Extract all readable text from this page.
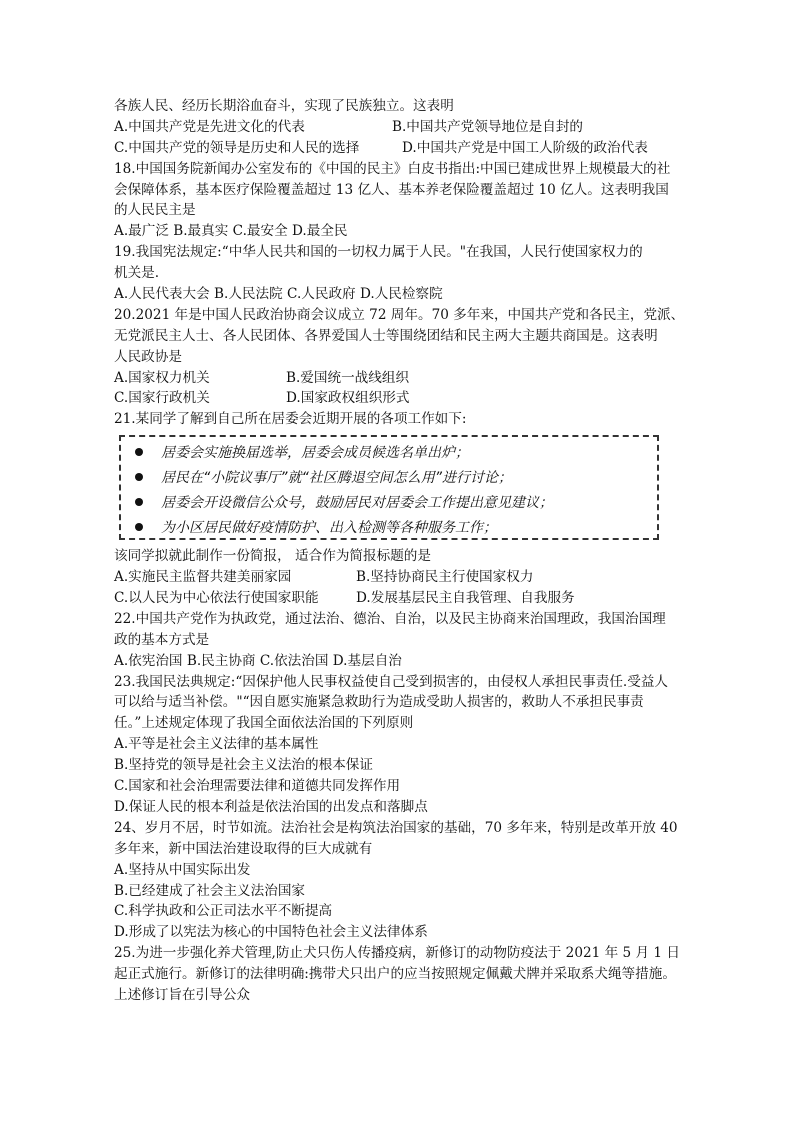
各族人民、经历长期浴血奋斗，实现了民族独立。这表明
A.中国共产党是先进文化的代表	B.中国共产党领导地位是自封的
C.中国共产党的领导是历史和人民的选择	D.中国共产党是中国工人阶级的政治代表
18.中国国务院新闻办公室发布的《中国的民主》白皮书指出:中国已建成世界上规模最大的社
会保障体系，基本医疗保险覆盖超过 13 亿人、基本养老保险覆盖超过 10 亿人。这表明我国
的人民民主是
A.最广泛 B.最真实 C.最安全 D.最全民
19.我国宪法规定:“中华人民共和国的一切权力属于人民。"在我国，人民行使国家权力的
机关是.
A.人民代表大会 B.人民法院 C.人民政府 D.人民检察院
20.2021 年是中国人民政治协商会议成立 72 周年。70 多年来，中国共产党和各民主，党派、
无党派民主人士、各人民团体、各界爱国人士等围绕团结和民主两大主题共商国是。这表明
人民政协是
A.国家权力机关	B.爱国统一战线组织
C.国家行政机关	D.国家政权组织形式
21.某同学了解到自己所在居委会近期开展的各项工作如下:
居委会实施换届选举，居委会成员候选名单出炉；
居民在“小院议事厅”就“社区腾退空间怎么用”进行讨论；
居委会开设微信公众号，鼓励居民对居委会工作提出意见建议；
为小区居民做好疫情防护、出入检测等各种服务工作；
该同学拟就此制作一份简报， 适合作为简报标题的是
A.实施民主监督共建美丽家园	B.坚持协商民主行使国家权力
C.以人民为中心依法行使国家职能	D.发展基层民主自我管理、自我服务
22.中国共产党作为执政党，通过法治、德治、自治，以及民主协商来治国理政，我国治国理
政的基本方式是
A.依宪治国 B.民主协商 C.依法治国 D.基层自治
23.我国民法典规定:“因保护他人民事权益使自己受到损害的，由侵权人承担民事责任.受益人
可以给与适当补偿。"“因自愿实施紧急救助行为造成受助人损害的，救助人不承担民事责
任。”上述规定体现了我国全面依法治国的下列原则
A.平等是社会主义法律的基本属性
B.坚持党的领导是社会主义法治的根本保证
C.国家和社会治理需要法律和道德共同发挥作用
D.保证人民的根本利益是依法治国的出发点和落脚点
24、岁月不居，时节如流。法治社会是构筑法治国家的基础，70 多年来，特别是改革开放 40
多年来，新中国法治建设取得的巨大成就有
A.坚持从中国实际出发
B.已经建成了社会主义法治国家
C.科学执政和公正司法水平不断提高
D.形成了以宪法为核心的中国特色社会主义法律体系
25.为进一步强化养犬管理,防止犬只伤人传播疫病，新修订的动物防疫法于 2021 年 5 月 1 日
起正式施行。新修订的法律明确:携带犬只出户的应当按照规定佩戴犬牌并采取系犬绳等措施。
上述修订旨在引导公众
